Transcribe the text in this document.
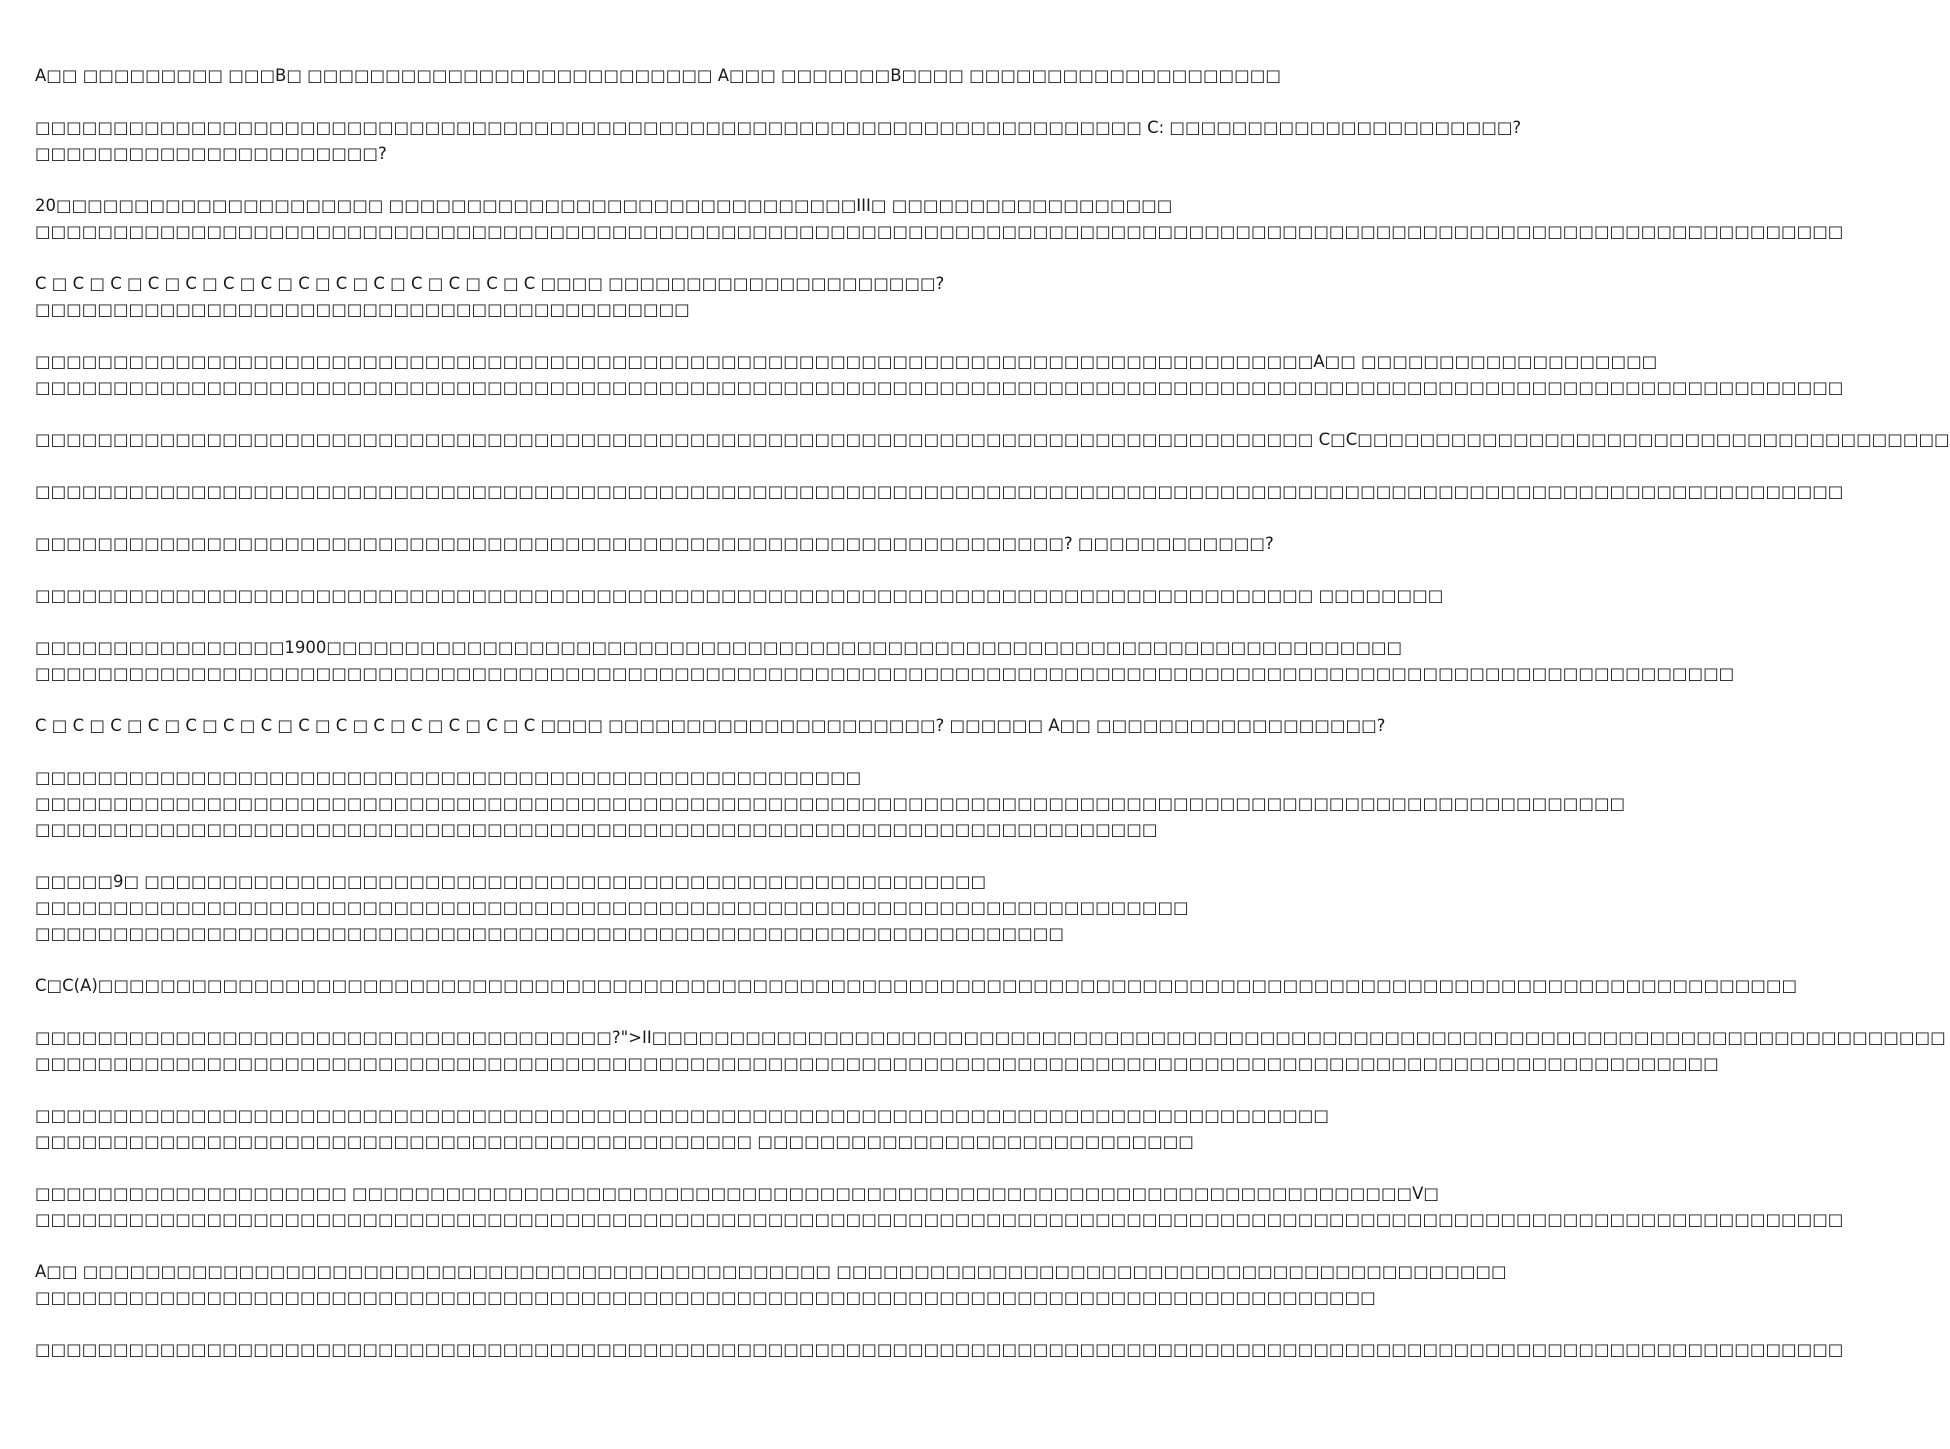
A□□ □□□□□□□□□ □□□B□ □□□□□□□□□□□□□□□□□□□□□□□□□□ A□□□ □□□□□□□B□□□□ □□□□□□□□□□□□□□□□□□□□
□□□□□□□□□□□□□□□□□□□□□□□□□□□□□□□□□□□□□□□□□□□□□□□□□□□□□□□□□□□□□□□□□□□□□□□ C: □□□□□□□□□□□□□□□□□□□□□□?
□□□□□□□□□□□□□□□□□□□□□□?
20□□□□□□□□□□□□□□□□□□□□□ □□□□□□□□□□□□□□□□□□□□□□□□□□□□□□III□ □□□□□□□□□□□□□□□□□□
□□□□□□□□□□□□□□□□□□□□□□□□□□□□□□□□□□□□□□□□□□□□□□□□□□□□□□□□□□□□□□□□□□□□□□□□□□□□□□□□□□□□□□□□□□□□□□□□□□□□□□□□□□□□□□□□□□□□
C □ C □ C □ C □ C □ C □ C □ C □ C □ C □ C □ C □ C □ C □□□□ □□□□□□□□□□□□□□□□□□□□□?
□□□□□□□□□□□□□□□□□□□□□□□□□□□□□□□□□□□□□□□□□□
□□□□□□□□□□□□□□□□□□□□□□□□□□□□□□□□□□□□□□□□□□□□□□□□□□□□□□□□□□□□□□□□□□□□□□□□□□□□□□□□□□A□□ □□□□□□□□□□□□□□□□□□□
□□□□□□□□□□□□□□□□□□□□□□□□□□□□□□□□□□□□□□□□□□□□□□□□□□□□□□□□□□□□□□□□□□□□□□□□□□□□□□□□□□□□□□□□□□□□□□□□□□□□□□□□□□□□□□□□□□□□
□□□□□□□□□□□□□□□□□□□□□□□□□□□□□□□□□□□□□□□□□□□□□□□□□□□□□□□□□□□□□□□□□□□□□□□□□□□□□□□□□□ C□C□□□□□□□□□□□□□□□□□□□□□□□□□□□□□□□□□□□□□□
□□□□□□□□□□□□□□□□□□□□□□□□□□□□□□□□□□□□□□□□□□□□□□□□□□□□□□□□□□□□□□□□□□□□□□□□□□□□□□□□□□□□□□□□□□□□□□□□□□□□□□□□□□□□□□□□□□□□
□□□□□□□□□□□□□□□□□□□□□□□□□□□□□□□□□□□□□□□□□□□□□□□□□□□□□□□□□□□□□□□□□□? □□□□□□□□□□□□?
□□□□□□□□□□□□□□□□□□□□□□□□□□□□□□□□□□□□□□□□□□□□□□□□□□□□□□□□□□□□□□□□□□□□□□□□□□□□□□□□□□ □□□□□□□□
□□□□□□□□□□□□□□□□1900□□□□□□□□□□□□□□□□□□□□□□□□□□□□□□□□□□□□□□□□□□□□□□□□□□□□□□□□□□□□□□□□□□□□□
□□□□□□□□□□□□□□□□□□□□□□□□□□□□□□□□□□□□□□□□□□□□□□□□□□□□□□□□□□□□□□□□□□□□□□□□□□□□□□□□□□□□□□□□□□□□□□□□□□□□□□□□□□□□□
C □ C □ C □ C □ C □ C □ C □ C □ C □ C □ C □ C □ C □ C □□□□ □□□□□□□□□□□□□□□□□□□□□? □□□□□□ A□□ □□□□□□□□□□□□□□□□□□?
□□□□□□□□□□□□□□□□□□□□□□□□□□□□□□□□□□□□□□□□□□□□□□□□□□□□□
□□□□□□□□□□□□□□□□□□□□□□□□□□□□□□□□□□□□□□□□□□□□□□□□□□□□□□□□□□□□□□□□□□□□□□□□□□□□□□□□□□□□□□□□□□□□□□□□□□□□□□
□□□□□□□□□□□□□□□□□□□□□□□□□□□□□□□□□□□□□□□□□□□□□□□□□□□□□□□□□□□□□□□□□□□□□□□□
□□□□□9□ □□□□□□□□□□□□□□□□□□□□□□□□□□□□□□□□□□□□□□□□□□□□□□□□□□□□□□
□□□□□□□□□□□□□□□□□□□□□□□□□□□□□□□□□□□□□□□□□□□□□□□□□□□□□□□□□□□□□□□□□□□□□□□□□□
□□□□□□□□□□□□□□□□□□□□□□□□□□□□□□□□□□□□□□□□□□□□□□□□□□□□□□□□□□□□□□□□□□
C□C(A)□□□□□□□□□□□□□□□□□□□□□□□□□□□□□□□□□□□□□□□□□□□□□□□□□□□□□□□□□□□□□□□□□□□□□□□□□□□□□□□□□□□□□□□□□□□□□□□□□□□□□□□□□□□□□
□□□□□□□□□□□□□□□□□□□□□□□□□□□□□□□□□□□□□?">II□□□□□□□□□□□□□□□□□□□□□□□□□□□□□□□□□□□□□□□□□□□□□□□□□□□□□□□□□□□□□□□□□□□□□□□□□□□□□□□□□□□
□□□□□□□□□□□□□□□□□□□□□□□□□□□□□□□□□□□□□□□□□□□□□□□□□□□□□□□□□□□□□□□□□□□□□□□□□□□□□□□□□□□□□□□□□□□□□□□□□□□□□□□□□□□□
□□□□□□□□□□□□□□□□□□□□□□□□□□□□□□□□□□□□□□□□□□□□□□□□□□□□□□□□□□□□□□□□□□□□□□□□□□□□□□□□□□□
□□□□□□□□□□□□□□□□□□□□□□□□□□□□□□□□□□□□□□□□□□□□□□ □□□□□□□□□□□□□□□□□□□□□□□□□□□□
□□□□□□□□□□□□□□□□□□□□ □□□□□□□□□□□□□□□□□□□□□□□□□□□□□□□□□□□□□□□□□□□□□□□□□□□□□□□□□□□□□□□□□□□□V□
□□□□□□□□□□□□□□□□□□□□□□□□□□□□□□□□□□□□□□□□□□□□□□□□□□□□□□□□□□□□□□□□□□□□□□□□□□□□□□□□□□□□□□□□□□□□□□□□□□□□□□□□□□□□□□□□□□□□
A□□ □□□□□□□□□□□□□□□□□□□□□□□□□□□□□□□□□□□□□□□□□□□□□□□□ □□□□□□□□□□□□□□□□□□□□□□□□□□□□□□□□□□□□□□□□□□□
□□□□□□□□□□□□□□□□□□□□□□□□□□□□□□□□□□□□□□□□□□□□□□□□□□□□□□□□□□□□□□□□□□□□□□□□□□□□□□□□□□□□□□
□□□□□□□□□□□□□□□□□□□□□□□□□□□□□□□□□□□□□□□□□□□□□□□□□□□□□□□□□□□□□□□□□□□□□□□□□□□□□□□□□□□□□□□□□□□□□□□□□□□□□□□□□□□□□□□□□□□□
